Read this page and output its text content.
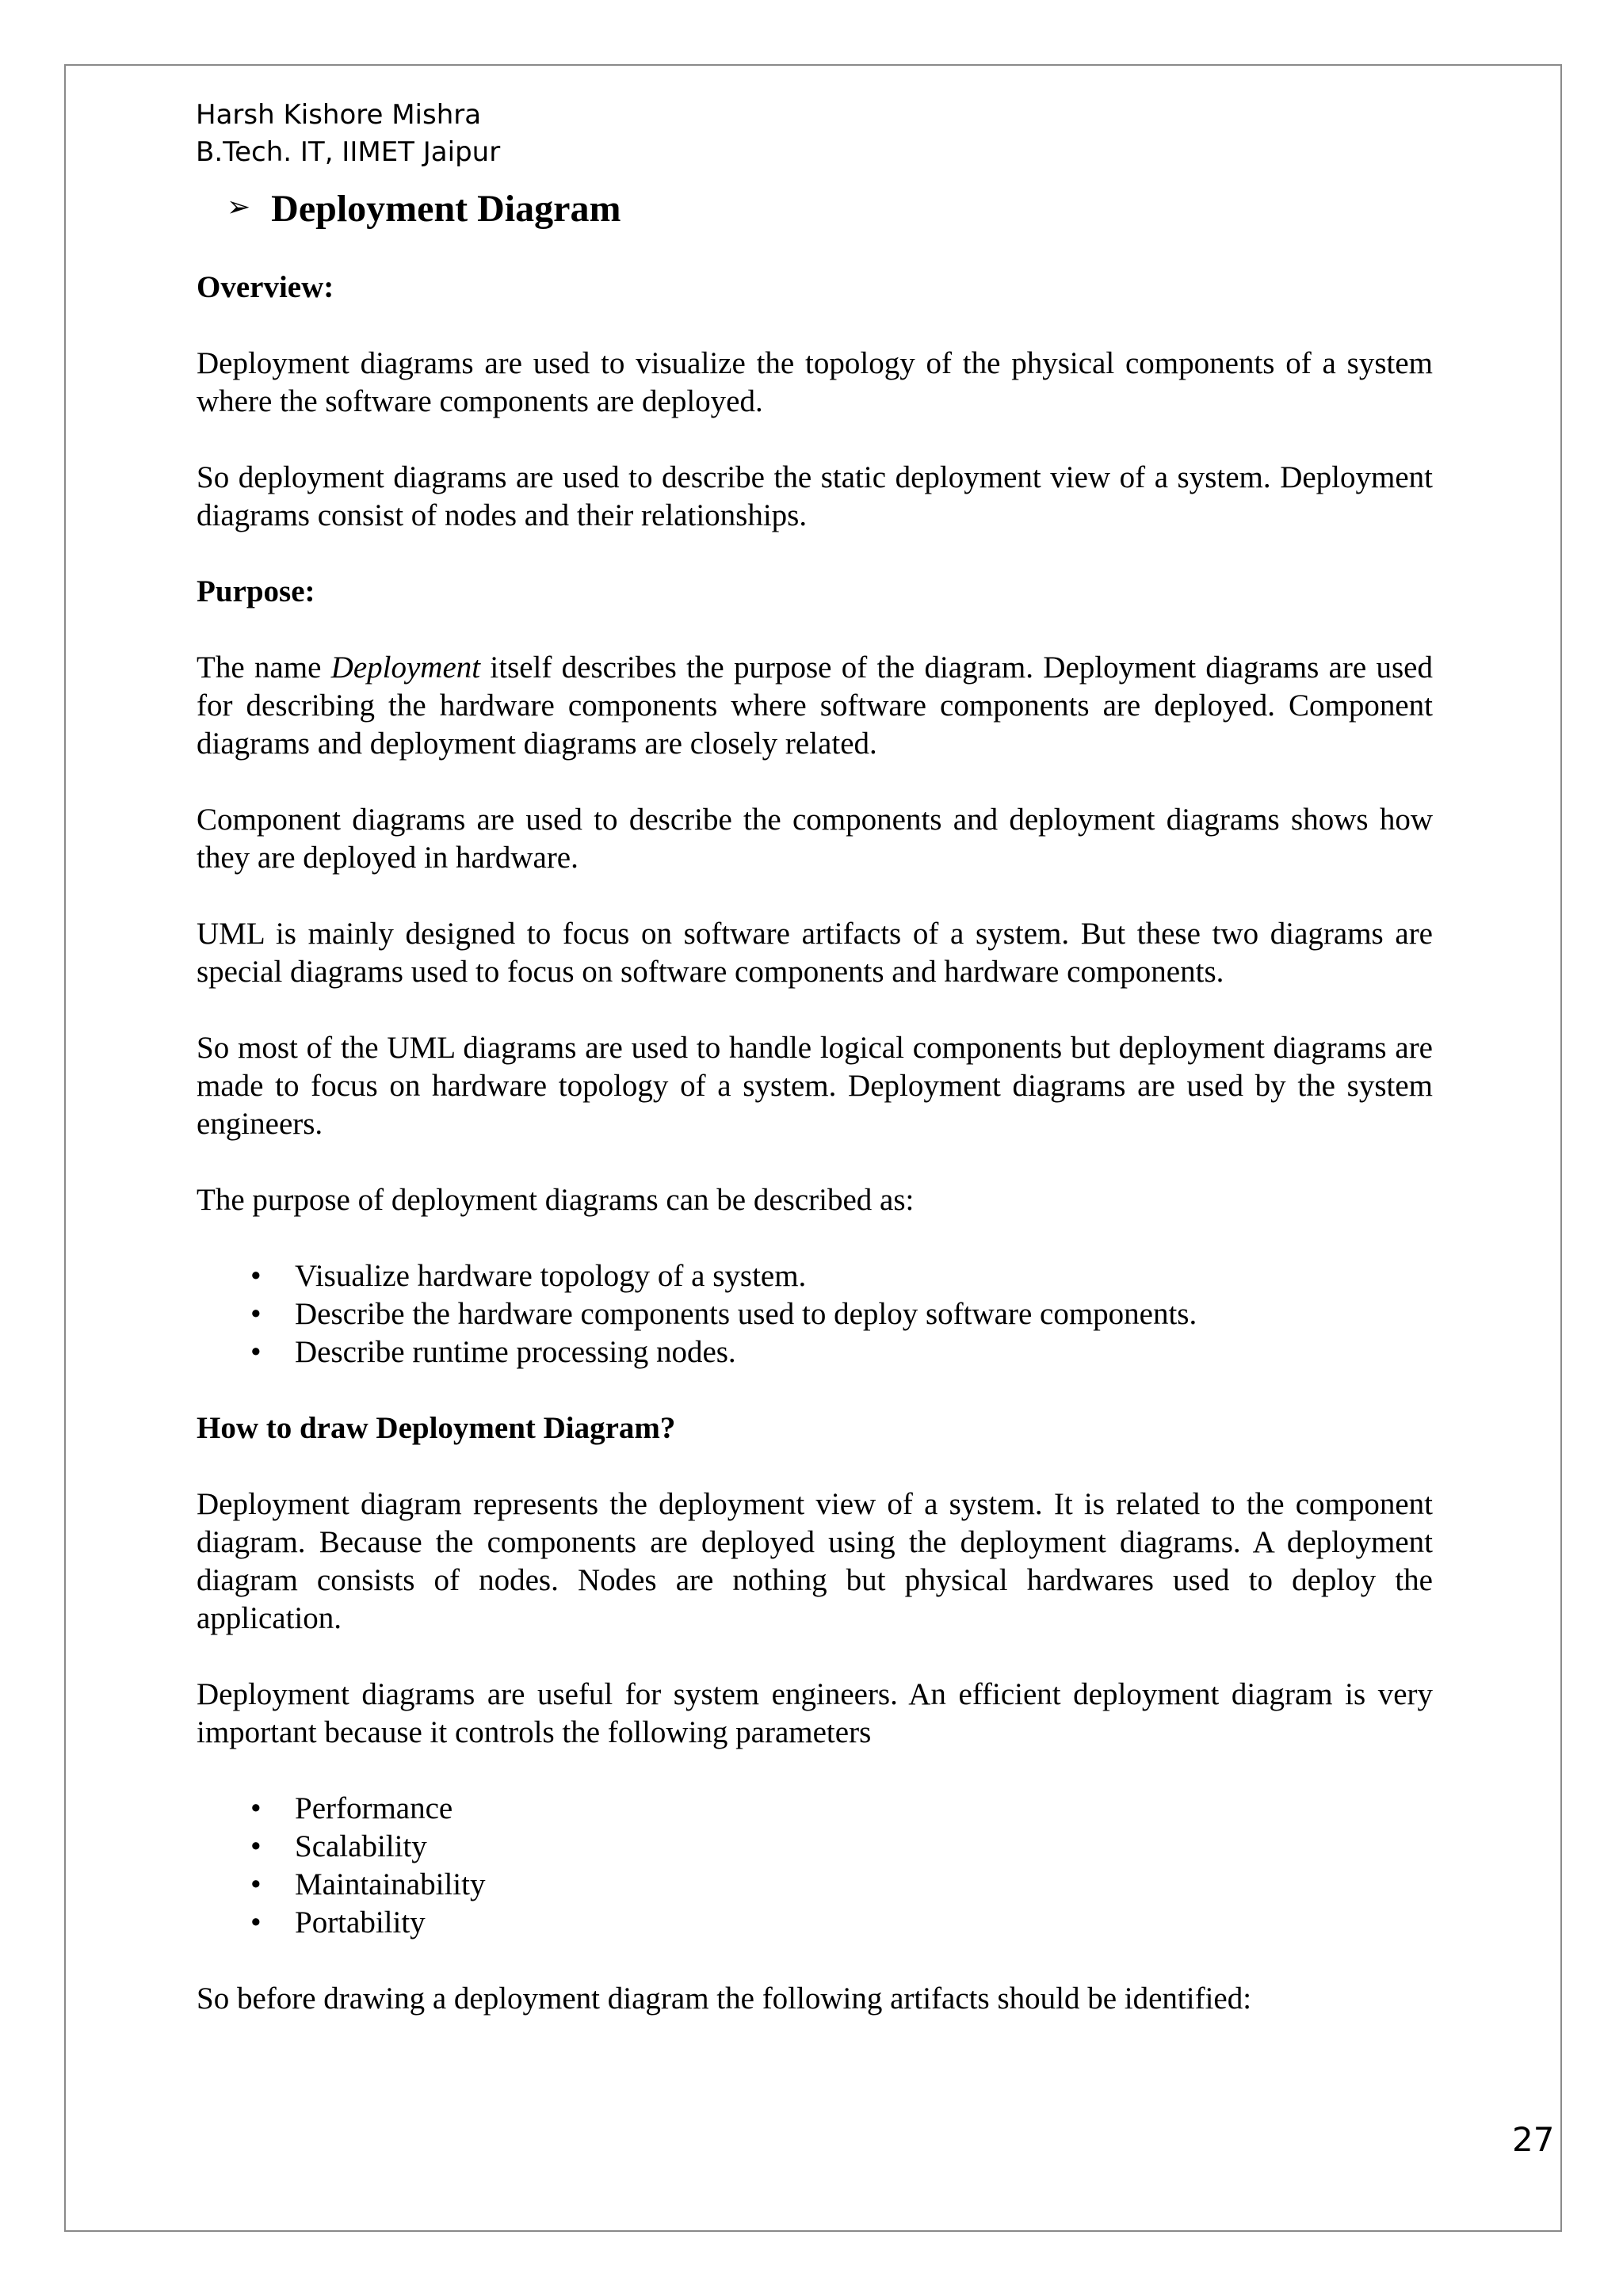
Harsh Kishore Mishra
B.Tech. IT, IIMET Jaipur
➢ Deployment Diagram
Overview:

Deployment diagrams are used to visualize the topology of the physical components of a system where the software components are deployed.

So deployment diagrams are used to describe the static deployment view of a system. Deployment diagrams consist of nodes and their relationships.

Purpose:

The name Deployment itself describes the purpose of the diagram. Deployment diagrams are used for describing the hardware components where software components are deployed. Component diagrams and deployment diagrams are closely related.

Component diagrams are used to describe the components and deployment diagrams shows how they are deployed in hardware.

UML is mainly designed to focus on software artifacts of a system. But these two diagrams are special diagrams used to focus on software components and hardware components.

So most of the UML diagrams are used to handle logical components but deployment diagrams are made to focus on hardware topology of a system. Deployment diagrams are used by the system engineers.

The purpose of deployment diagrams can be described as:

• Visualize hardware topology of a system.
• Describe the hardware components used to deploy software components.
• Describe runtime processing nodes.
How to draw Deployment Diagram?

Deployment diagram represents the deployment view of a system. It is related to the component diagram. Because the components are deployed using the deployment diagrams. A deployment diagram consists of nodes. Nodes are nothing but physical hardwares used to deploy the application.

Deployment diagrams are useful for system engineers. An efficient deployment diagram is very important because it controls the following parameters

• Performance
• Scalability
• Maintainability
• Portability

So before drawing a deployment diagram the following artifacts should be identified:

27
